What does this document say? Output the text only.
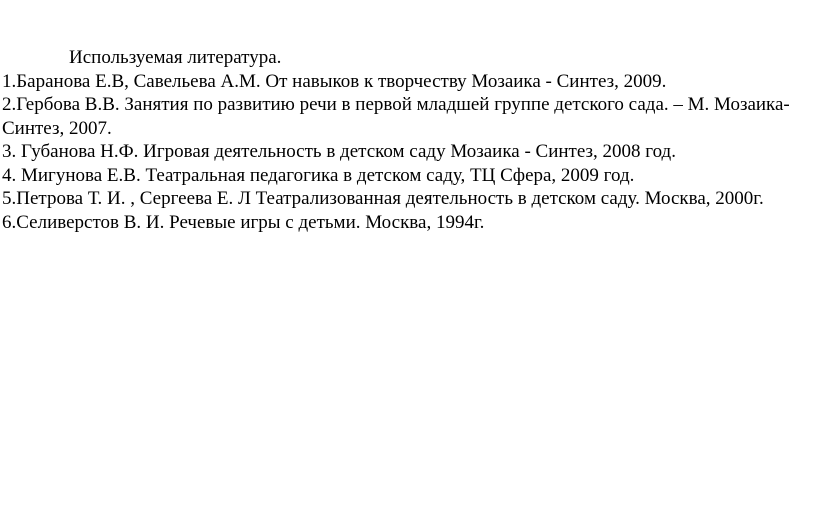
Используемая литература.

1.Баранова Е.В, Савельева А.М. От навыков к творчеству Мозаика - Синтез, 2009.

2.Гербова В.В. Занятия по развитию речи в первой младшей группе детского сада. – М. Мозаика-Синтез, 2007.

3. Губанова Н.Ф. Игровая деятельность в детском саду Мозаика - Синтез, 2008 год.

4. Мигунова Е.В. Театральная педагогика в детском саду, ТЦ Сфера, 2009 год.

5.Петрова Т. И. , Сергеева Е. Л Театрализованная деятельность в детском саду. Москва, 2000г.

6.Селиверстов В. И. Речевые игры с детьми. Москва, 1994г.
